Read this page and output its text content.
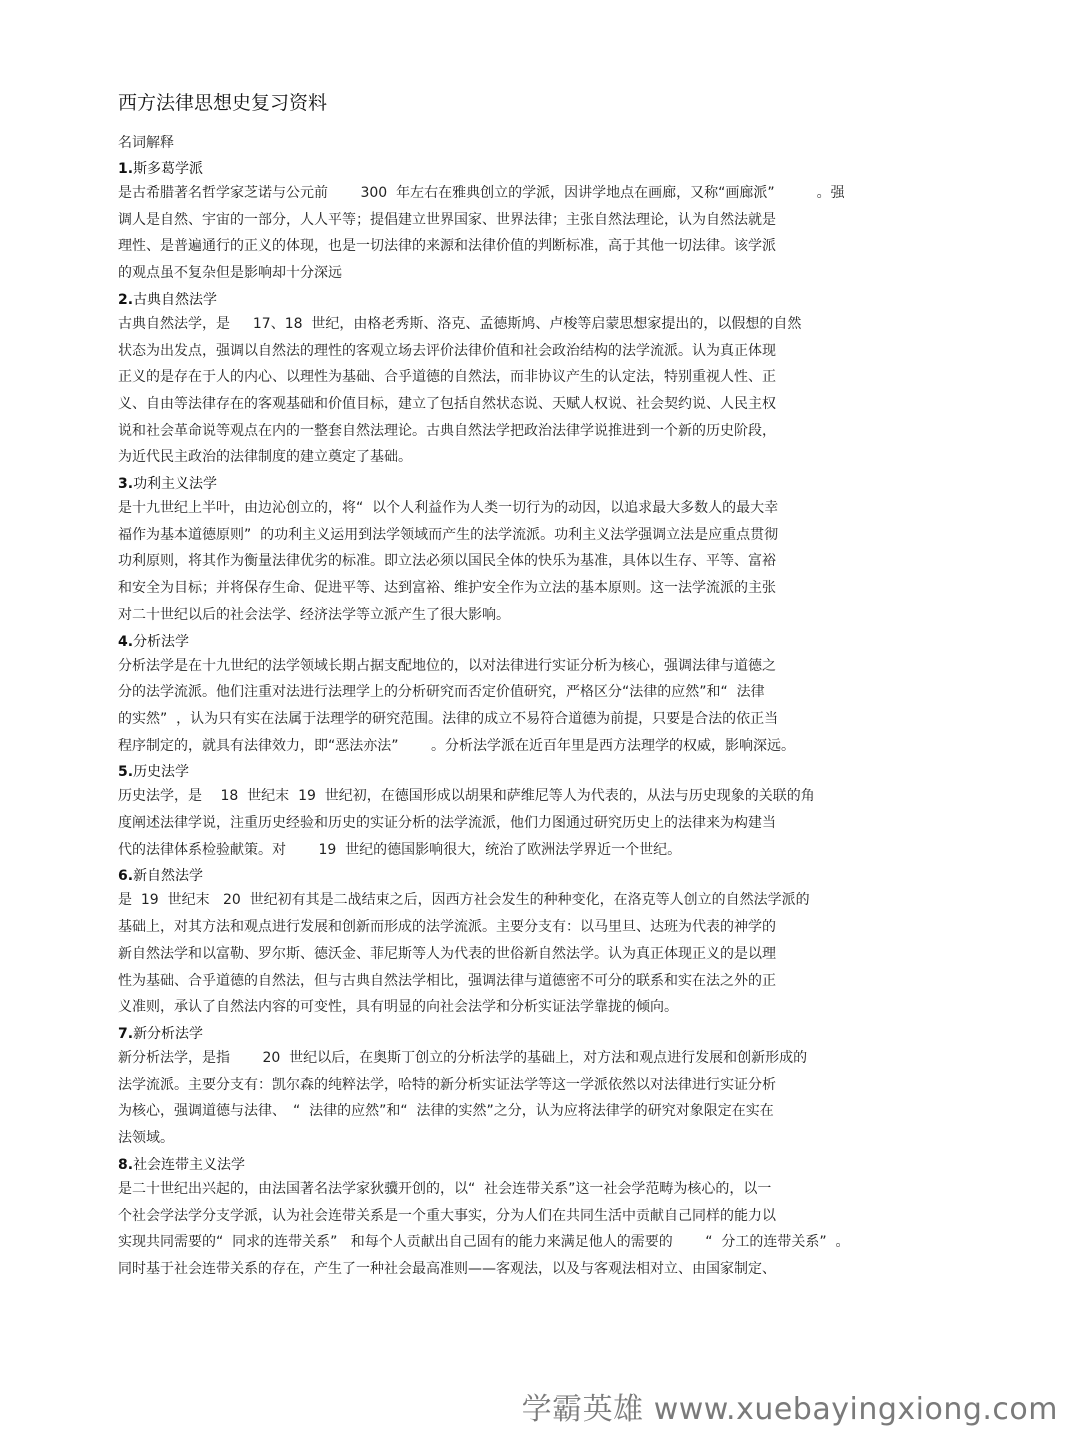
西方法律思想史复习资料

名词解释

1.斯多葛学派

是古希腊著名哲学家芝诺与公元前 　　300  年左右在雅典创立的学派，因讲学地点在画廊，又称“画廊派”　　　。强
调人是自然、宇宙的一部分，人人平等；提倡建立世界国家、世界法律；主张自然法理论，认为自然法就是
理性、是普遍通行的正义的体现，也是一切法律的来源和法律价值的判断标准，高于其他一切法律。该学派
的观点虽不复杂但是影响却十分深远

2.古典自然法学

古典自然法学，是 　 17、18  世纪，由格老秀斯、洛克、孟德斯鸠、卢梭等启蒙思想家提出的，以假想的自然
状态为出发点，强调以自然法的理性的客观立场去评价法律价值和社会政治结构的法学流派。认为真正体现
正义的是存在于人的内心、以理性为基础、合乎道德的自然法，而非协议产生的认定法，特别重视人性、正
义、自由等法律存在的客观基础和价值目标，建立了包括自然状态说、天赋人权说、社会契约说、人民主权
说和社会革命说等观点在内的一整套自然法理论。古典自然法学把政治法律学说推进到一个新的历史阶段，
为近代民主政治的法律制度的建立奠定了基础。

3.功利主义法学

是十九世纪上半叶，由边沁创立的，将“  以个人利益作为人类一切行为的动因，以追求最大多数人的最大幸
福作为基本道德原则”  的功利主义运用到法学领域而产生的法学流派。功利主义法学强调立法是应重点贯彻
功利原则，将其作为衡量法律优劣的标准。即立法必须以国民全体的快乐为基准，具体以生存、平等、富裕
和安全为目标；并将保存生命、促进平等、达到富裕、维护安全作为立法的基本原则。这一法学流派的主张
对二十世纪以后的社会法学、经济法学等立派产生了很大影响。

4.分析法学

分析法学是在十九世纪的法学领域长期占据支配地位的，以对法律进行实证分析为核心，强调法律与道德之
分的法学流派。他们注重对法进行法理学上的分析研究而否定价值研究，严格区分“法律的应然”和“  法律
的实然”  ，认为只有实在法属于法理学的研究范围。法律的成立不易符合道德为前提，只要是合法的依正当
程序制定的，就具有法律效力，即“恶法亦法”　　 。分析法学派在近百年里是西方法理学的权威，影响深远。

5.历史法学

历史法学，是 　18  世纪末  19  世纪初，在德国形成以胡果和萨维尼等人为代表的，从法与历史现象的关联的角
度阐述法律学说，注重历史经验和历史的实证分析的法学流派，他们力图通过研究历史上的法律来为构建当
代的法律体系检验献策。对 　　19  世纪的德国影响很大，统治了欧洲法学界近一个世纪。

6.新自然法学

是  19  世纪末   20  世纪初有其是二战结束之后，因西方社会发生的种种变化，在洛克等人创立的自然法学派的
基础上，对其方法和观点进行发展和创新而形成的法学流派。主要分支有：以马里旦、达班为代表的神学的
新自然法学和以富勒、罗尔斯、德沃金、菲尼斯等人为代表的世俗新自然法学。认为真正体现正义的是以理
性为基础、合乎道德的自然法，但与古典自然法学相比，强调法律与道德密不可分的联系和实在法之外的正
义准则，承认了自然法内容的可变性，具有明显的向社会法学和分析实证法学靠拢的倾向。

7.新分析法学

新分析法学，是指 　　20  世纪以后，在奥斯丁创立的分析法学的基础上，对方法和观点进行发展和创新形成的
法学流派。主要分支有：凯尔森的纯粹法学，哈特的新分析实证法学等这一学派依然以对法律进行实证分析
为核心，强调道德与法律、　“  法律的应然”和“  法律的实然”之分，认为应将法律学的研究对象限定在实在
法领域。

8.社会连带主义法学

是二十世纪出兴起的，由法国著名法学家狄骥开创的，以“  社会连带关系”这一社会学范畴为核心的，以一
个社会学法学分支学派，认为社会连带关系是一个重大事实，分为人们在共同生活中贡献自己同样的能力以
实现共同需要的“  同求的连带关系”   和每个人贡献出自己固有的能力来满足他人的需要的 　　“  分工的连带关系”  。
同时基于社会连带关系的存在，产生了一种社会最高准则——客观法，以及与客观法相对立、由国家制定、

学霸英雄 www.xuebayingxiong.com
